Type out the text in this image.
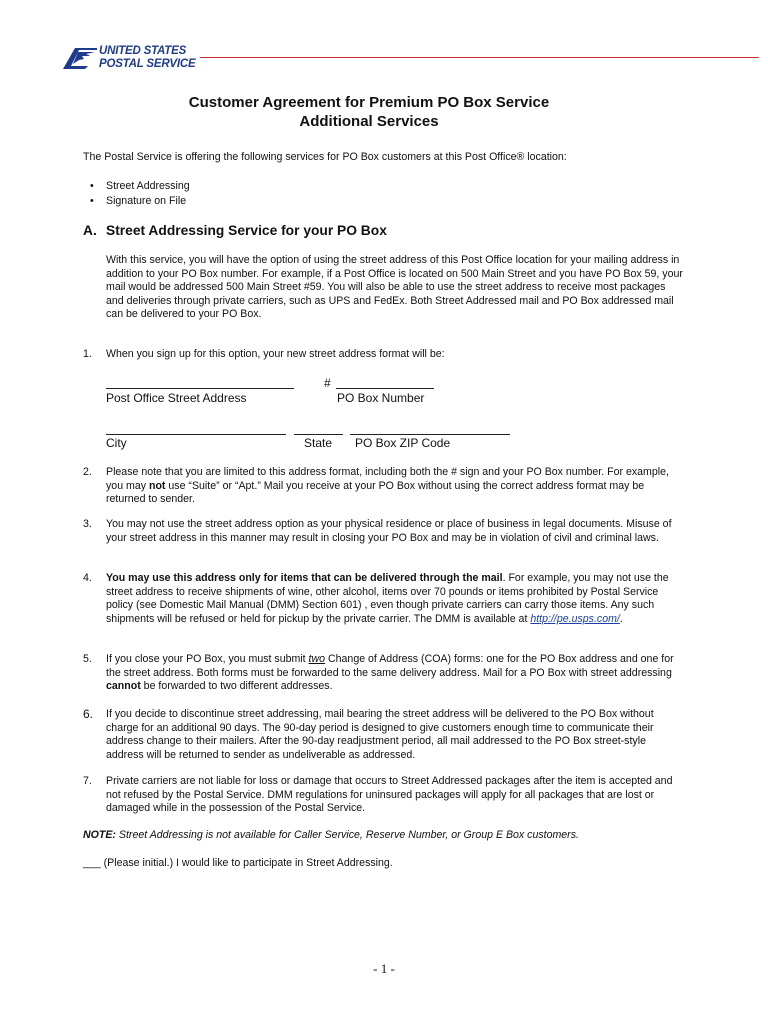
UNITED STATES
POSTAL SERVICE
Customer Agreement for Premium PO Box Service
Additional Services
The Postal Service is offering the following services for PO Box customers at this Post Office® location:
• Street Addressing
• Signature on File
A. Street Addressing Service for your PO Box
With this service, you will have the option of using the street address of this Post Office location for your mailing address in addition to your PO Box number. For example, if a Post Office is located on 500 Main Street and you have PO Box 59, your mail would be addressed 500 Main Street #59. You will also be able to use the street address to receive most packages and deliveries through private carriers, such as UPS and FedEx. Both Street Addressed mail and PO Box addressed mail can be delivered to your PO Box.
1. When you sign up for this option, your new street address format will be:
#
Post Office Street Address	PO Box Number
City	State PO Box ZIP Code
2. Please note that you are limited to this address format, including both the # sign and your PO Box number. For example, you may not use “Suite” or “Apt.” Mail you receive at your PO Box without using the correct address format may be returned to sender.
3. You may not use the street address option as your physical residence or place of business in legal documents. Misuse of your street address in this manner may result in closing your PO Box and may be in violation of civil and criminal laws.
4. You may use this address only for items that can be delivered through the mail. For example, you may not use the street address to receive shipments of wine, other alcohol, items over 70 pounds or items prohibited by Postal Service policy (see Domestic Mail Manual (DMM) Section 601) , even though private carriers can carry those items. Any such shipments will be refused or held for pickup by the private carrier. The DMM is available at http://pe.usps.com/.
5. If you close your PO Box, you must submit two Change of Address (COA) forms: one for the PO Box address and one for the street address. Both forms must be forwarded to the same delivery address. Mail for a PO Box with street addressing cannot be forwarded to two different addresses.
6. If you decide to discontinue street addressing, mail bearing the street address will be delivered to the PO Box without charge for an additional 90 days. The 90-day period is designed to give customers enough time to communicate their address change to their mailers. After the 90-day readjustment period, all mail addressed to the PO Box street-style address will be returned to sender as undeliverable as addressed.
7. Private carriers are not liable for loss or damage that occurs to Street Addressed packages after the item is accepted and not refused by the Postal Service. DMM regulations for uninsured packages will apply for all packages that are lost or damaged while in the possession of the Postal Service.
NOTE: Street Addressing is not available for Caller Service, Reserve Number, or Group E Box customers.
___ (Please initial.) I would like to participate in Street Addressing.
- 1 -
